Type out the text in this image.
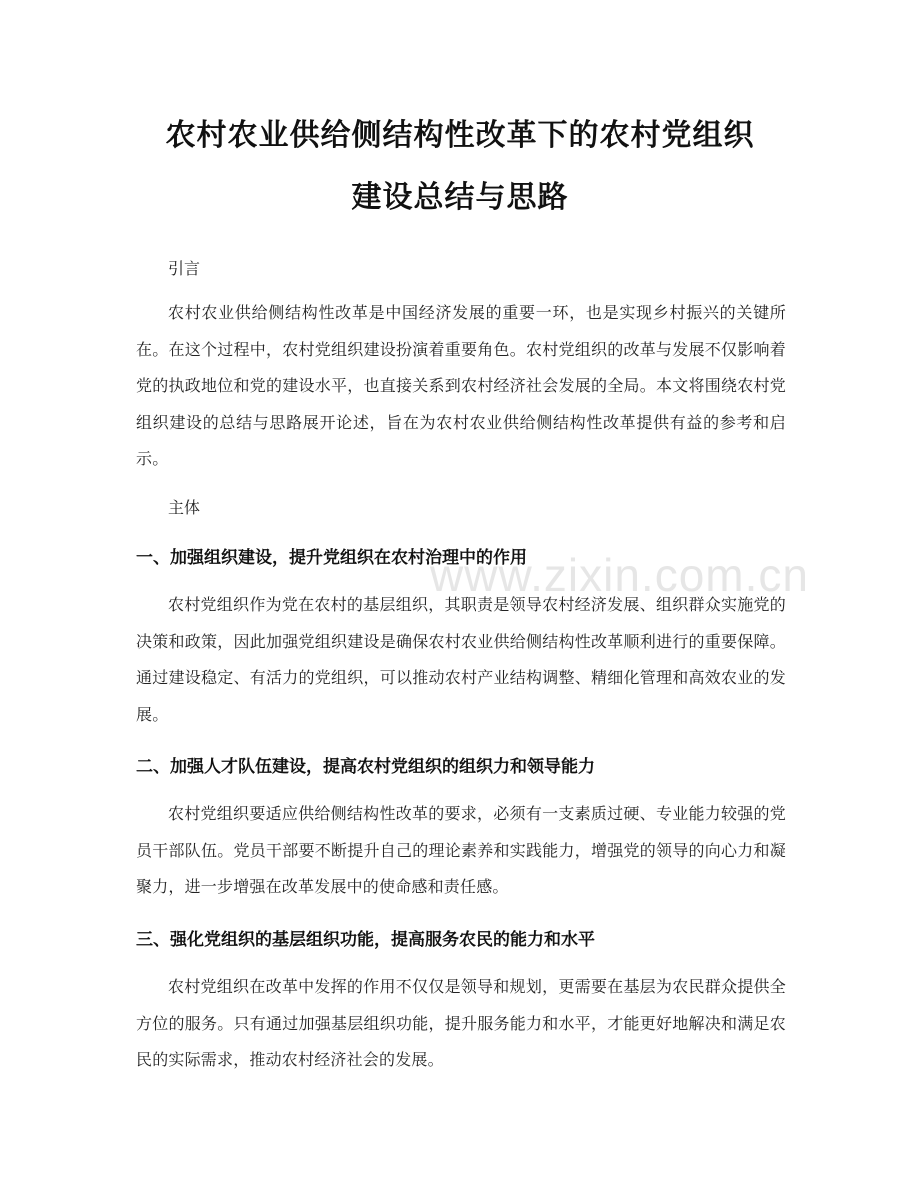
www.zixin.com.cn
农村农业供给侧结构性改革下的农村党组织
建设总结与思路
引言
农村农业供给侧结构性改革是中国经济发展的重要一环，也是实现乡村振兴的关键所在。在这个过程中，农村党组织建设扮演着重要角色。农村党组织的改革与发展不仅影响着党的执政地位和党的建设水平，也直接关系到农村经济社会发展的全局。本文将围绕农村党组织建设的总结与思路展开论述，旨在为农村农业供给侧结构性改革提供有益的参考和启示。
主体
一、加强组织建设，提升党组织在农村治理中的作用
农村党组织作为党在农村的基层组织，其职责是领导农村经济发展、组织群众实施党的决策和政策，因此加强党组织建设是确保农村农业供给侧结构性改革顺利进行的重要保障。通过建设稳定、有活力的党组织，可以推动农村产业结构调整、精细化管理和高效农业的发展。
二、加强人才队伍建设，提高农村党组织的组织力和领导能力
农村党组织要适应供给侧结构性改革的要求，必须有一支素质过硬、专业能力较强的党员干部队伍。党员干部要不断提升自己的理论素养和实践能力，增强党的领导的向心力和凝聚力，进一步增强在改革发展中的使命感和责任感。
三、强化党组织的基层组织功能，提高服务农民的能力和水平
农村党组织在改革中发挥的作用不仅仅是领导和规划，更需要在基层为农民群众提供全方位的服务。只有通过加强基层组织功能，提升服务能力和水平，才能更好地解决和满足农民的实际需求，推动农村经济社会的发展。
